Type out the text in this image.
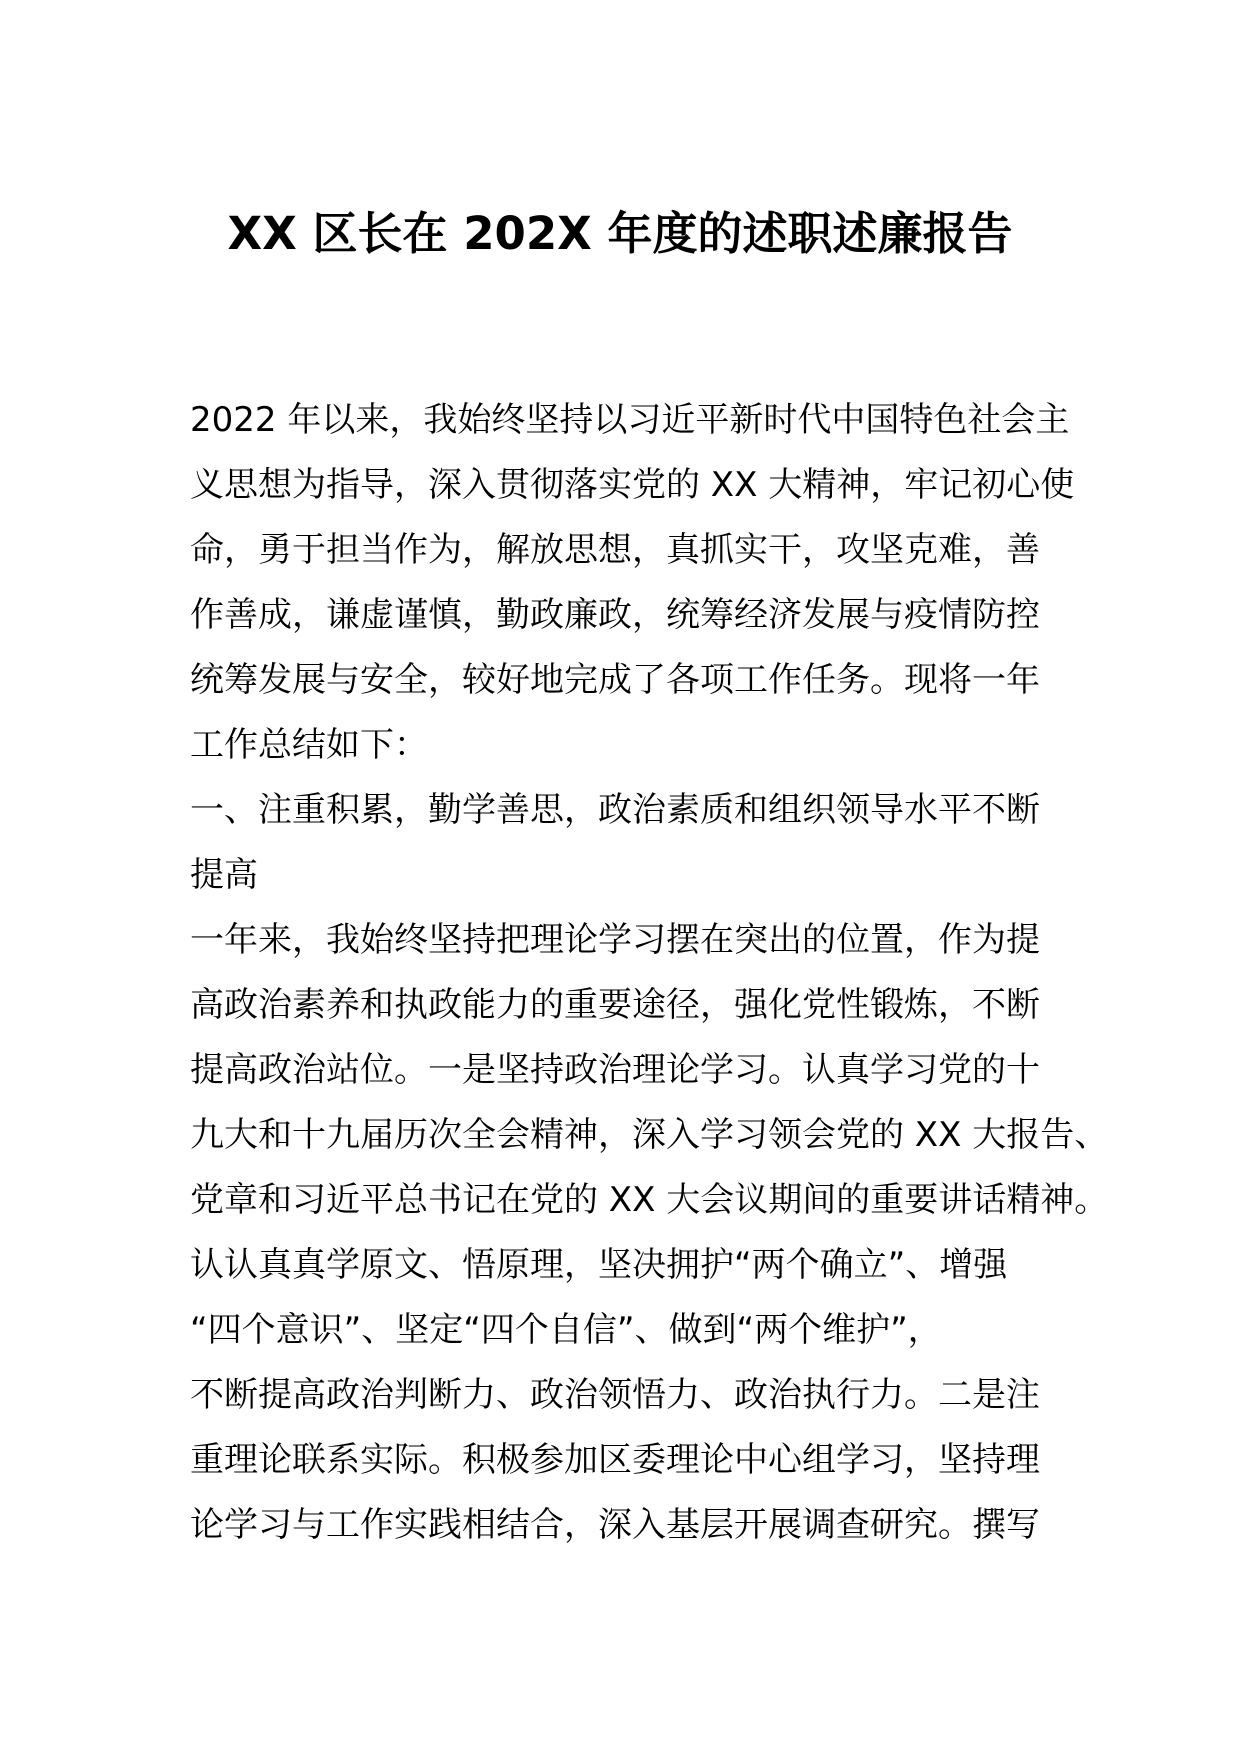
XX 区长在 202X 年度的述职述廉报告
2022 年以来，我始终坚持以习近平新时代中国特色社会主
义思想为指导，深入贯彻落实党的 XX 大精神，牢记初心使
命，勇于担当作为，解放思想，真抓实干，攻坚克难，善
作善成，谦虚谨慎，勤政廉政，统筹经济发展与疫情防控
统筹发展与安全，较好地完成了各项工作任务。现将一年
工作总结如下：
一、注重积累，勤学善思，政治素质和组织领导水平不断
提高
一年来，我始终坚持把理论学习摆在突出的位置，作为提
高政治素养和执政能力的重要途径，强化党性锻炼，不断
提高政治站位。一是坚持政治理论学习。认真学习党的十
九大和十九届历次全会精神，深入学习领会党的 XX 大报告、
党章和习近平总书记在党的 XX 大会议期间的重要讲话精神。
认认真真学原文、悟原理，坚决拥护“两个确立”、增强
“四个意识”、坚定“四个自信”、做到“两个维护”，
不断提高政治判断力、政治领悟力、政治执行力。二是注
重理论联系实际。积极参加区委理论中心组学习，坚持理
论学习与工作实践相结合，深入基层开展调查研究。撰写
